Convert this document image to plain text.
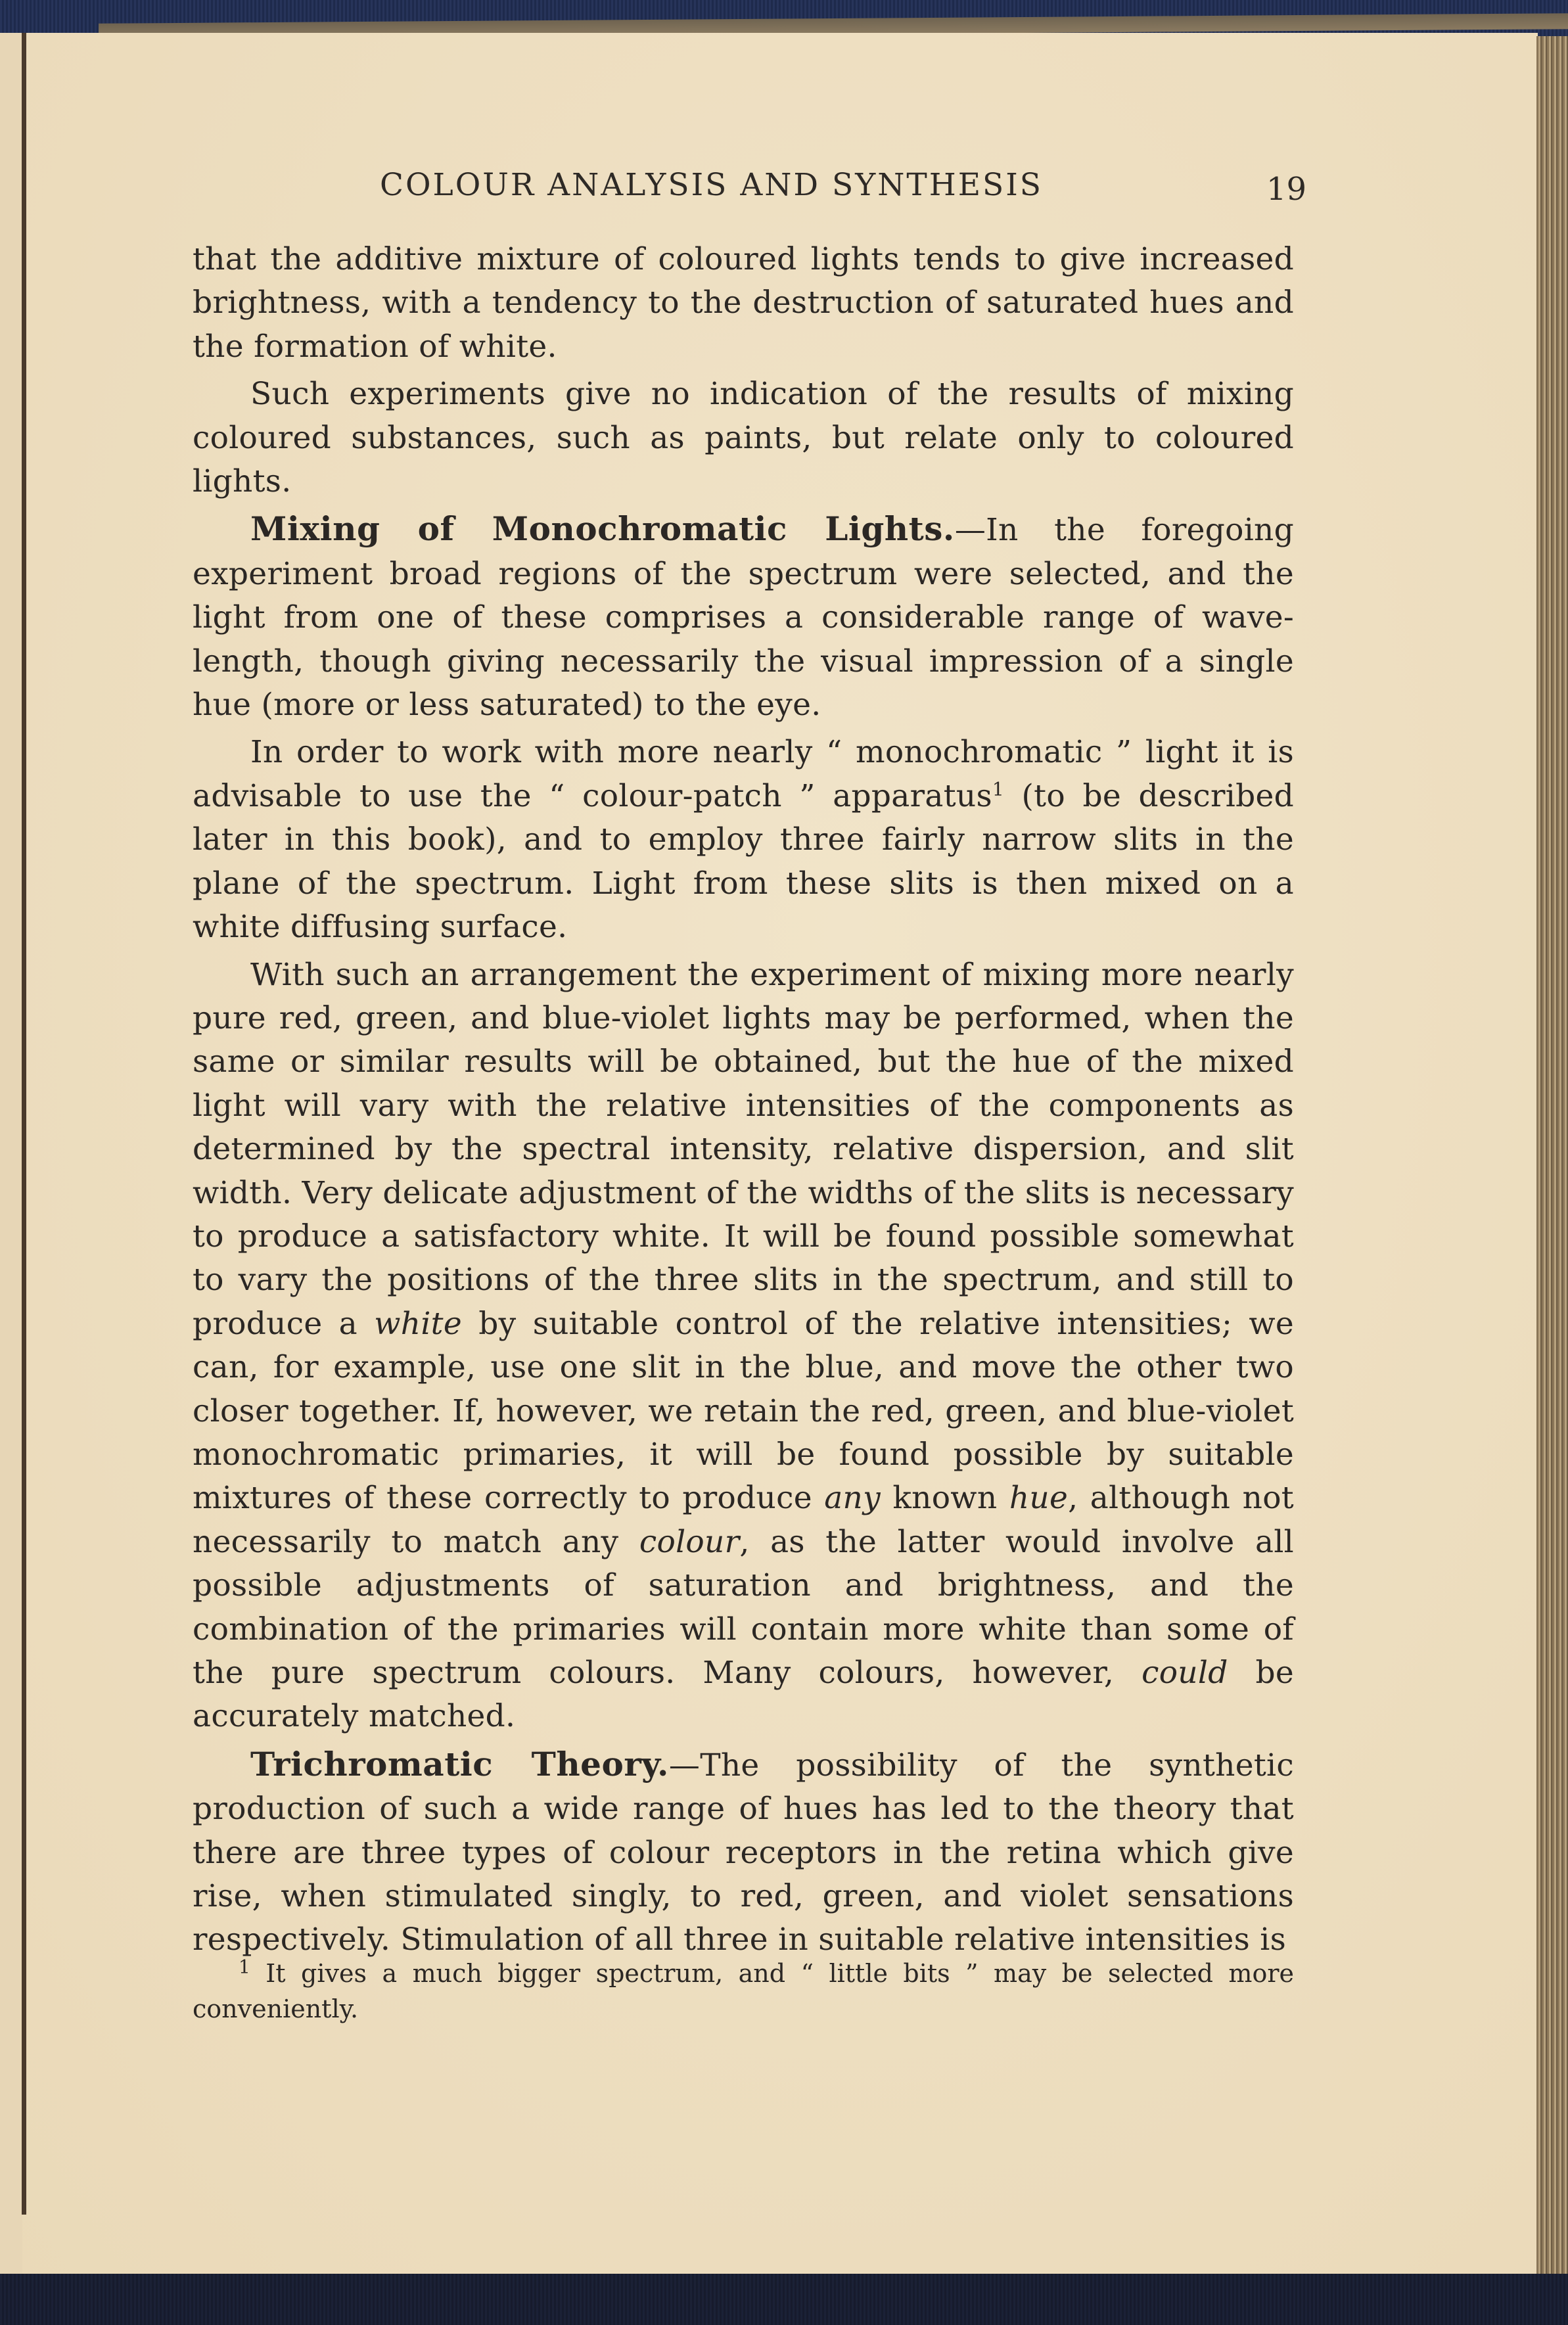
COLOUR ANALYSIS AND SYNTHESIS	19

that the additive mixture of coloured lights tends to give increased brightness, with a tendency to the destruction of saturated hues and the formation of white.

Such experiments give no indication of the results of mixing coloured substances, such as paints, but relate only to coloured lights.

Mixing of Monochromatic Lights.—In the foregoing experiment broad regions of the spectrum were selected, and the light from one of these comprises a considerable range of wave-length, though giving necessarily the visual impression of a single hue (more or less saturated) to the eye.

In order to work with more nearly “ monochromatic ” light it is advisable to use the “ colour-patch ” apparatus$^1$ (to be described later in this book), and to employ three fairly narrow slits in the plane of the spectrum. Light from these slits is then mixed on a white diffusing surface.

With such an arrangement the experiment of mixing more nearly pure red, green, and blue-violet lights may be performed, when the same or similar results will be obtained, but the hue of the mixed light will vary with the relative intensities of the components as determined by the spectral intensity, relative dispersion, and slit width. Very delicate adjustment of the widths of the slits is necessary to produce a satisfactory white. It will be found possible somewhat to vary the positions of the three slits in the spectrum, and still to produce a white by suitable control of the relative intensities; we can, for example, use one slit in the blue, and move the other two closer together. If, however, we retain the red, green, and blue-violet monochromatic primaries, it will be found possible by suitable mixtures of these correctly to produce any known hue, although not necessarily to match any colour, as the latter would involve all possible adjustments of saturation and brightness, and the combination of the primaries will contain more white than some of the pure spectrum colours. Many colours, however, could be accurately matched.

Trichromatic Theory.—The possibility of the synthetic production of such a wide range of hues has led to the theory that there are three types of colour receptors in the retina which give rise, when stimulated singly, to red, green, and violet sensations respectively. Stimulation of all three in suitable relative intensities is

$^1$ It gives a much bigger spectrum, and “ little bits ” may be selected more conveniently.
